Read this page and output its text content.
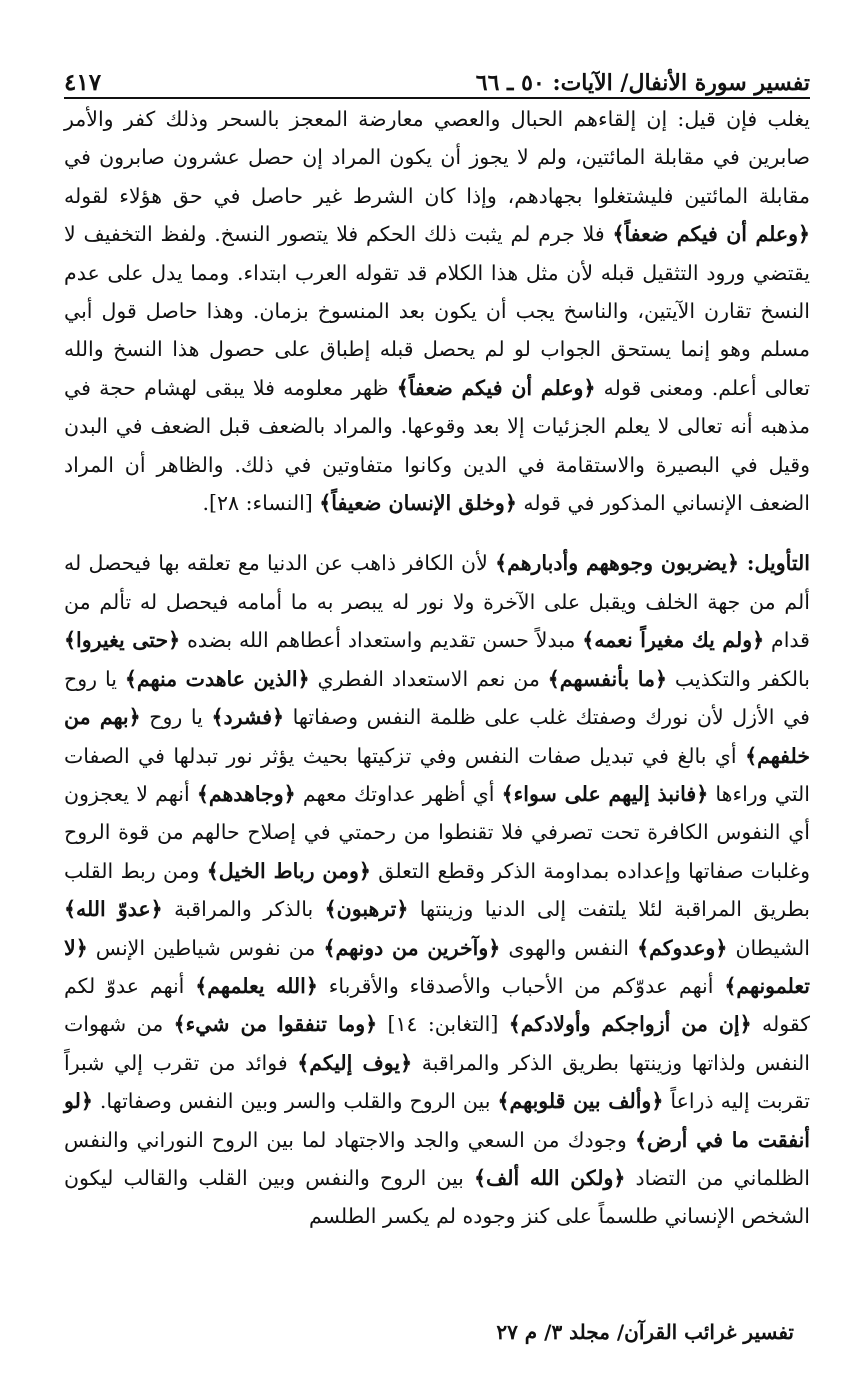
تفسير سورة الأنفال/ الآيات: ٥٠ ـ ٦٦
٤١٧

يغلب فإن قيل: إن إلقاءهم الحبال والعصي معارضة المعجز بالسحر وذلك كفر والأمر صابرين في مقابلة المائتين، ولم لا يجوز أن يكون المراد إن حصل عشرون صابرون في مقابلة المائتين فليشتغلوا بجهادهم، وإذا كان الشرط غير حاصل في حق هؤلاء لقوله ﴿وعلم أن فيكم ضعفاً﴾ فلا جرم لم يثبت ذلك الحكم فلا يتصور النسخ. ولفظ التخفيف لا يقتضي ورود التثقيل قبله لأن مثل هذا الكلام قد تقوله العرب ابتداء. ومما يدل على عدم النسخ تقارن الآيتين، والناسخ يجب أن يكون بعد المنسوخ بزمان. وهذا حاصل قول أبي مسلم وهو إنما يستحق الجواب لو لم يحصل قبله إطباق على حصول هذا النسخ والله تعالى أعلم. ومعنى قوله ﴿وعلم أن فيكم ضعفاً﴾ ظهر معلومه فلا يبقى لهشام حجة في مذهبه أنه تعالى لا يعلم الجزئيات إلا بعد وقوعها. والمراد بالضعف قبل الضعف في البدن وقيل في البصيرة والاستقامة في الدين وكانوا متفاوتين في ذلك. والظاهر أن المراد الضعف الإنساني المذكور في قوله ﴿وخلق الإنسان ضعيفاً﴾ [النساء: ٢٨].

التأويل: ﴿يضربون وجوههم وأدبارهم﴾ لأن الكافر ذاهب عن الدنيا مع تعلقه بها فيحصل له ألم من جهة الخلف ويقبل على الآخرة ولا نور له يبصر به ما أمامه فيحصل له تألم من قدام ﴿ولم يك مغيراً نعمه﴾ مبدلاً حسن تقديم واستعداد أعطاهم الله بضده ﴿حتى يغيروا﴾ بالكفر والتكذيب ﴿ما بأنفسهم﴾ من نعم الاستعداد الفطري ﴿الذين عاهدت منهم﴾ يا روح في الأزل لأن نورك وصفتك غلب على ظلمة النفس وصفاتها ﴿فشرد﴾ يا روح ﴿بهم من خلفهم﴾ أي بالغ في تبديل صفات النفس وفي تزكيتها بحيث يؤثر نور تبدلها في الصفات التي وراءها ﴿فانبذ إليهم على سواء﴾ أي أظهر عداوتك معهم ﴿وجاهدهم﴾ أنهم لا يعجزون أي النفوس الكافرة تحت تصرفي فلا تقنطوا من رحمتي في إصلاح حالهم من قوة الروح وغلبات صفاتها وإعداده بمداومة الذكر وقطع التعلق ﴿ومن رباط الخيل﴾ ومن ربط القلب بطريق المراقبة لئلا يلتفت إلى الدنيا وزينتها ﴿ترهبون﴾ بالذكر والمراقبة ﴿عدوّ الله﴾ الشيطان ﴿وعدوكم﴾ النفس والهوى ﴿وآخرين من دونهم﴾ من نفوس شياطين الإنس ﴿لا تعلمونهم﴾ أنهم عدوّكم من الأحباب والأصدقاء والأقرباء ﴿الله يعلمهم﴾ أنهم عدوّ لكم كقوله ﴿إن من أزواجكم وأولادكم﴾ [التغابن: ١٤] ﴿وما تنفقوا من شيء﴾ من شهوات النفس ولذاتها وزينتها بطريق الذكر والمراقبة ﴿يوف إليكم﴾ فوائد من تقرب إلي شبراً تقربت إليه ذراعاً ﴿وألف بين قلوبهم﴾ بين الروح والقلب والسر وبين النفس وصفاتها. ﴿لو أنفقت ما في أرض﴾ وجودك من السعي والجد والاجتهاد لما بين الروح النوراني والنفس الظلماني من التضاد ﴿ولكن الله ألف﴾ بين الروح والنفس وبين القلب والقالب ليكون الشخص الإنساني طلسماً على كنز وجوده لم يكسر الطلسم

تفسير غرائب القرآن/ مجلد ٣/ م ٢٧
